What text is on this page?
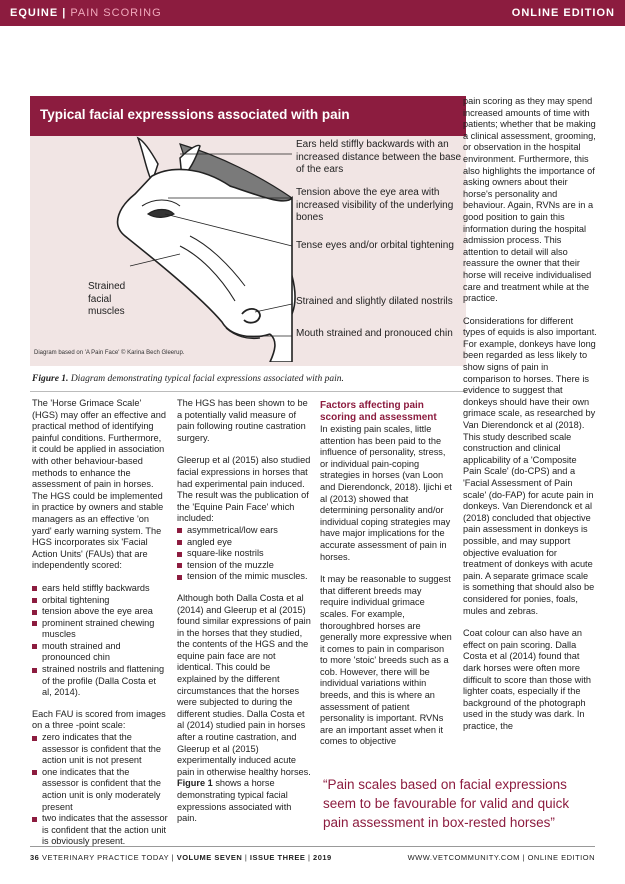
EQUINE | PAIN SCORING	ONLINE EDITION
Typical facial expresssions associated with pain
Ears held stiffly backwards with an increased distance between the base of the ears
Tension above the eye area with increased visibility of the underlying bones
Tense eyes and/or orbital tightening
Strained facial muscles
Strained and slightly dilated nostrils
Mouth strained and pronouced chin
Diagram based on 'A Pain Face' © Karina Bech Gleerup.
Figure 1. Diagram demonstrating typical facial expressions associated with pain.

The 'Horse Grimace Scale' (HGS) may offer an effective and practical method of identifying painful conditions. Furthermore, it could be applied in association with other behaviour-based methods to enhance the assessment of pain in horses. The HGS could be implemented in practice by owners and stable managers as an effective 'on yard' early warning system. The HGS incorporates six 'Facial Action Units' (FAUs) that are independently scored:

ears held stiffly backwards
orbital tightening
tension above the eye area
prominent strained chewing muscles
mouth strained and pronounced chin
strained nostrils and flattening of the profile (Dalla Costa et al, 2014).

Each FAU is scored from images on a three -point scale:

zero indicates that the assessor is confident that the action unit is not present
one indicates that the assessor is confident that the action unit is only moderately present
two indicates that the assessor is confident that the action unit is obviously present.

The HGS has been shown to be a potentially valid measure of pain following routine castration surgery.

Gleerup et al (2015) also studied facial expressions in horses that had experimental pain induced. The result was the publication of the 'Equine Pain Face' which included:

asymmetrical/low ears
angled eye
square-like nostrils
tension of the muzzle
tension of the mimic muscles.

Although both Dalla Costa et al (2014) and Gleerup et al (2015) found similar expressions of pain in the horses that they studied, the contents of the HGS and the equine pain face are not identical. This could be explained by the different circumstances that the horses were subjected to during the different studies. Dalla Costa et al (2014) studied pain in horses after a routine castration, and Gleerup et al (2015) experimentally induced acute pain in otherwise healthy horses. Figure 1 shows a horse demonstrating typical facial expressions associated with pain.

Factors affecting pain scoring and assessment

In existing pain scales, little attention has been paid to the influence of personality, stress, or individual pain-coping strategies in horses (van Loon and Dierendonck, 2018). Ijichi et al (2013) showed that determining personality and/or individual coping strategies may have major implications for the accurate assessment of pain in horses.

It may be reasonable to suggest that different breeds may require individual grimace scales. For example, thoroughbred horses are generally more expressive when it comes to pain in comparison to more 'stoic' breeds such as a cob. However, there will be individual variations within breeds, and this is where an assessment of patient personality is important. RVNs are an important asset when it comes to objective

pain scoring as they may spend increased amounts of time with patients; whether that be making a clinical assessment, grooming, or observation in the hospital environment. Furthermore, this also highlights the importance of asking owners about their horse's personality and behaviour. Again, RVNs are in a good position to gain this information during the hospital admission process. This attention to detail will also reassure the owner that their horse will receive individualised care and treatment while at the practice.

Considerations for different types of equids is also important. For example, donkeys have long been regarded as less likely to show signs of pain in comparison to horses. There is evidence to suggest that donkeys should have their own grimace scale, as researched by Van Dierendonck et al (2018). This study described scale construction and clinical applicability of a 'Composite Pain Scale' (do-CPS) and a 'Facial Assessment of Pain scale' (do-FAP) for acute pain in donkeys. Van Dierendonck et al (2018) concluded that objective pain assessment in donkeys is possible, and may support objective evaluation for treatment of donkeys with acute pain. A separate grimace scale is something that should also be considered for ponies, foals, mules and zebras.

Coat colour can also have an effect on pain scoring. Dalla Costa et al (2014) found that dark horses were often more difficult to score than those with lighter coats, especially if the background of the photograph used in the study was dark. In practice, the

“Pain scales based on facial expressions seem to be favourable for valid and quick pain assessment in box-rested horses”
36 VETERINARY PRACTICE TODAY | VOLUME SEVEN | ISSUE THREE | 2019	WWW.VETCOMMUNITY.COM | ONLINE EDITION
